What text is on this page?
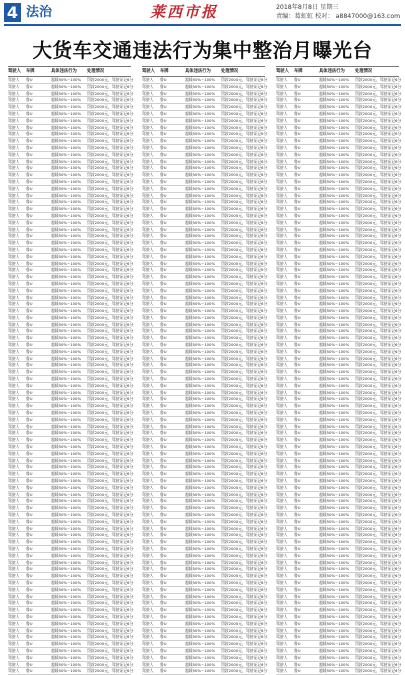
4 法治	莱西市报	2018年8月8日 星期三
责编：葛虹虹 校对： a8847000@163.com
大货车交通违法行为集中整治月曝光台
驾驶人	车牌	具体违法行为	处理情况
驾驶人	鲁U	超载50%~100%	罚款2000元，驾驶证记6分
驾驶人	鲁U	超载50%~100%	罚款2000元，驾驶证记6分
驾驶人	鲁U	超载50%~100%	罚款2000元，驾驶证记6分
驾驶人	鲁U	超载50%~100%	罚款2000元，驾驶证记6分
驾驶人	鲁U	超载50%~100%	罚款2000元，驾驶证记6分
驾驶人	鲁U	超载50%~100%	罚款2000元，驾驶证记6分
驾驶人	鲁U	超载50%~100%	罚款2000元，驾驶证记6分
驾驶人	鲁U	超载50%~100%	罚款2000元，驾驶证记6分
驾驶人	鲁U	超载50%~100%	罚款2000元，驾驶证记6分
驾驶人	鲁U	超载50%~100%	罚款2000元，驾驶证记6分
驾驶人	鲁U	超载50%~100%	罚款2000元，驾驶证记6分
驾驶人	鲁U	超载50%~100%	罚款2000元，驾驶证记6分
驾驶人	鲁U	超载50%~100%	罚款2000元，驾驶证记6分
驾驶人	鲁U	超载50%~100%	罚款2000元，驾驶证记6分
驾驶人	鲁U	超载50%~100%	罚款2000元，驾驶证记6分
驾驶人	鲁U	超载50%~100%	罚款2000元，驾驶证记6分
驾驶人	鲁U	超载50%~100%	罚款2000元，驾驶证记6分
驾驶人	鲁U	超载50%~100%	罚款2000元，驾驶证记6分
驾驶人	鲁U	超载50%~100%	罚款2000元，驾驶证记6分
驾驶人	鲁U	超载50%~100%	罚款2000元，驾驶证记6分
驾驶人	鲁U	超载50%~100%	罚款2000元，驾驶证记6分
驾驶人	鲁U	超载50%~100%	罚款2000元，驾驶证记6分
驾驶人	鲁U	超载50%~100%	罚款2000元，驾驶证记6分
驾驶人	鲁U	超载50%~100%	罚款2000元，驾驶证记6分
驾驶人	鲁U	超载50%~100%	罚款2000元，驾驶证记6分
驾驶人	鲁U	超载50%~100%	罚款2000元，驾驶证记6分
驾驶人	鲁U	超载50%~100%	罚款2000元，驾驶证记6分
驾驶人	鲁U	超载50%~100%	罚款2000元，驾驶证记6分
驾驶人	鲁U	超载50%~100%	罚款2000元，驾驶证记6分
驾驶人	鲁U	超载50%~100%	罚款2000元，驾驶证记6分
驾驶人	鲁U	超载50%~100%	罚款2000元，驾驶证记6分
驾驶人	鲁U	超载50%~100%	罚款2000元，驾驶证记6分
驾驶人	鲁U	超载50%~100%	罚款2000元，驾驶证记6分
驾驶人	鲁U	超载50%~100%	罚款2000元，驾驶证记6分
驾驶人	鲁U	超载50%~100%	罚款2000元，驾驶证记6分
驾驶人	鲁U	超载50%~100%	罚款2000元，驾驶证记6分
驾驶人	鲁U	超载50%~100%	罚款2000元，驾驶证记6分
驾驶人	鲁U	超载50%~100%	罚款2000元，驾驶证记6分
驾驶人	鲁U	超载50%~100%	罚款2000元，驾驶证记6分
驾驶人	鲁U	超载50%~100%	罚款2000元，驾驶证记6分
驾驶人	鲁U	超载50%~100%	罚款2000元，驾驶证记6分
驾驶人	鲁U	超载50%~100%	罚款2000元，驾驶证记6分
驾驶人	鲁U	超载50%~100%	罚款2000元，驾驶证记6分
驾驶人	鲁U	超载50%~100%	罚款2000元，驾驶证记6分
驾驶人	鲁U	超载50%~100%	罚款2000元，驾驶证记6分
驾驶人	鲁U	超载50%~100%	罚款2000元，驾驶证记6分
驾驶人	鲁U	超载50%~100%	罚款2000元，驾驶证记6分
驾驶人	鲁U	超载50%~100%	罚款2000元，驾驶证记6分
驾驶人	鲁U	超载50%~100%	罚款2000元，驾驶证记6分
驾驶人	鲁U	超载50%~100%	罚款2000元，驾驶证记6分
驾驶人	鲁U	超载50%~100%	罚款2000元，驾驶证记6分
驾驶人	鲁U	超载50%~100%	罚款2000元，驾驶证记6分
驾驶人	鲁U	超载50%~100%	罚款2000元，驾驶证记6分
驾驶人	鲁U	超载50%~100%	罚款2000元，驾驶证记6分
驾驶人	鲁U	超载50%~100%	罚款2000元，驾驶证记6分
驾驶人	鲁U	超载50%~100%	罚款2000元，驾驶证记6分
驾驶人	鲁U	超载50%~100%	罚款2000元，驾驶证记6分
驾驶人	鲁U	超载50%~100%	罚款2000元，驾驶证记6分
驾驶人	鲁U	超载50%~100%	罚款2000元，驾驶证记6分
驾驶人	鲁U	超载50%~100%	罚款2000元，驾驶证记6分
驾驶人	鲁U	超载50%~100%	罚款2000元，驾驶证记6分
驾驶人	鲁U	超载50%~100%	罚款2000元，驾驶证记6分
驾驶人	鲁U	超载50%~100%	罚款2000元，驾驶证记6分
驾驶人	鲁U	超载50%~100%	罚款2000元，驾驶证记6分
驾驶人	鲁U	超载50%~100%	罚款2000元，驾驶证记6分
驾驶人	鲁U	超载50%~100%	罚款2000元，驾驶证记6分
驾驶人	鲁U	超载50%~100%	罚款2000元，驾驶证记6分
驾驶人	鲁U	超载50%~100%	罚款2000元，驾驶证记6分
驾驶人	鲁U	超载50%~100%	罚款2000元，驾驶证记6分
驾驶人	鲁U	超载50%~100%	罚款2000元，驾驶证记6分
驾驶人	鲁U	超载50%~100%	罚款2000元，驾驶证记6分
驾驶人	鲁U	超载50%~100%	罚款2000元，驾驶证记6分
驾驶人	鲁U	超载50%~100%	罚款2000元，驾驶证记6分
驾驶人	鲁U	超载50%~100%	罚款2000元，驾驶证记6分
驾驶人	鲁U	超载50%~100%	罚款2000元，驾驶证记6分
驾驶人	鲁U	超载50%~100%	罚款2000元，驾驶证记6分
驾驶人	鲁U	超载50%~100%	罚款2000元，驾驶证记6分
驾驶人	鲁U	超载50%~100%	罚款2000元，驾驶证记6分
驾驶人	鲁U	超载50%~100%	罚款2000元，驾驶证记6分
驾驶人	鲁U	超载50%~100%	罚款2000元，驾驶证记6分
驾驶人	鲁U	超载50%~100%	罚款2000元，驾驶证记6分
驾驶人	鲁U	超载50%~100%	罚款2000元，驾驶证记6分
驾驶人	鲁U	超载50%~100%	罚款2000元，驾驶证记6分
驾驶人	鲁U	超载50%~100%	罚款2000元，驾驶证记6分
驾驶人	鲁U	超载50%~100%	罚款2000元，驾驶证记6分
驾驶人	鲁U	超载50%~100%	罚款2000元，驾驶证记6分
驾驶人	鲁U	超载50%~100%	罚款2000元，驾驶证记6分
驾驶人	鲁U	超载50%~100%	罚款2000元，驾驶证记6分
驾驶人	车牌	具体违法行为	处理情况
驾驶人	鲁U	超载50%~100%	罚款2000元，驾驶证记6分
驾驶人	鲁U	超载50%~100%	罚款2000元，驾驶证记6分
驾驶人	鲁U	超载50%~100%	罚款2000元，驾驶证记6分
驾驶人	鲁U	超载50%~100%	罚款2000元，驾驶证记6分
驾驶人	鲁U	超载50%~100%	罚款2000元，驾驶证记6分
驾驶人	鲁U	超载50%~100%	罚款2000元，驾驶证记6分
驾驶人	鲁U	超载50%~100%	罚款2000元，驾驶证记6分
驾驶人	鲁U	超载50%~100%	罚款2000元，驾驶证记6分
驾驶人	鲁U	超载50%~100%	罚款2000元，驾驶证记6分
驾驶人	鲁U	超载50%~100%	罚款2000元，驾驶证记6分
驾驶人	鲁U	超载50%~100%	罚款2000元，驾驶证记6分
驾驶人	鲁U	超载50%~100%	罚款2000元，驾驶证记6分
驾驶人	鲁U	超载50%~100%	罚款2000元，驾驶证记6分
驾驶人	鲁U	超载50%~100%	罚款2000元，驾驶证记6分
驾驶人	鲁U	超载50%~100%	罚款2000元，驾驶证记6分
驾驶人	鲁U	超载50%~100%	罚款2000元，驾驶证记6分
驾驶人	鲁U	超载50%~100%	罚款2000元，驾驶证记6分
驾驶人	鲁U	超载50%~100%	罚款2000元，驾驶证记6分
驾驶人	鲁U	超载50%~100%	罚款2000元，驾驶证记6分
驾驶人	鲁U	超载50%~100%	罚款2000元，驾驶证记6分
驾驶人	鲁U	超载50%~100%	罚款2000元，驾驶证记6分
驾驶人	鲁U	超载50%~100%	罚款2000元，驾驶证记6分
驾驶人	鲁U	超载50%~100%	罚款2000元，驾驶证记6分
驾驶人	鲁U	超载50%~100%	罚款2000元，驾驶证记6分
驾驶人	鲁U	超载50%~100%	罚款2000元，驾驶证记6分
驾驶人	鲁U	超载50%~100%	罚款2000元，驾驶证记6分
驾驶人	鲁U	超载50%~100%	罚款2000元，驾驶证记6分
驾驶人	鲁U	超载50%~100%	罚款2000元，驾驶证记6分
驾驶人	鲁U	超载50%~100%	罚款2000元，驾驶证记6分
驾驶人	鲁U	超载50%~100%	罚款2000元，驾驶证记6分
驾驶人	鲁U	超载50%~100%	罚款2000元，驾驶证记6分
驾驶人	鲁U	超载50%~100%	罚款2000元，驾驶证记6分
驾驶人	鲁U	超载50%~100%	罚款2000元，驾驶证记6分
驾驶人	鲁U	超载50%~100%	罚款2000元，驾驶证记6分
驾驶人	鲁U	超载50%~100%	罚款2000元，驾驶证记6分
驾驶人	鲁U	超载50%~100%	罚款2000元，驾驶证记6分
驾驶人	鲁U	超载50%~100%	罚款2000元，驾驶证记6分
驾驶人	鲁U	超载50%~100%	罚款2000元，驾驶证记6分
驾驶人	鲁U	超载50%~100%	罚款2000元，驾驶证记6分
驾驶人	鲁U	超载50%~100%	罚款2000元，驾驶证记6分
驾驶人	鲁U	超载50%~100%	罚款2000元，驾驶证记6分
驾驶人	鲁U	超载50%~100%	罚款2000元，驾驶证记6分
驾驶人	鲁U	超载50%~100%	罚款2000元，驾驶证记6分
驾驶人	鲁U	超载50%~100%	罚款2000元，驾驶证记6分
驾驶人	鲁U	超载50%~100%	罚款2000元，驾驶证记6分
驾驶人	鲁U	超载50%~100%	罚款2000元，驾驶证记6分
驾驶人	鲁U	超载50%~100%	罚款2000元，驾驶证记6分
驾驶人	鲁U	超载50%~100%	罚款2000元，驾驶证记6分
驾驶人	鲁U	超载50%~100%	罚款2000元，驾驶证记6分
驾驶人	鲁U	超载50%~100%	罚款2000元，驾驶证记6分
驾驶人	鲁U	超载50%~100%	罚款2000元，驾驶证记6分
驾驶人	鲁U	超载50%~100%	罚款2000元，驾驶证记6分
驾驶人	鲁U	超载50%~100%	罚款2000元，驾驶证记6分
驾驶人	鲁U	超载50%~100%	罚款2000元，驾驶证记6分
驾驶人	鲁U	超载50%~100%	罚款2000元，驾驶证记6分
驾驶人	鲁U	超载50%~100%	罚款2000元，驾驶证记6分
驾驶人	鲁U	超载50%~100%	罚款2000元，驾驶证记6分
驾驶人	鲁U	超载50%~100%	罚款2000元，驾驶证记6分
驾驶人	鲁U	超载50%~100%	罚款2000元，驾驶证记6分
驾驶人	鲁U	超载50%~100%	罚款2000元，驾驶证记6分
驾驶人	鲁U	超载50%~100%	罚款2000元，驾驶证记6分
驾驶人	鲁U	超载50%~100%	罚款2000元，驾驶证记6分
驾驶人	鲁U	超载50%~100%	罚款2000元，驾驶证记6分
驾驶人	鲁U	超载50%~100%	罚款2000元，驾驶证记6分
驾驶人	鲁U	超载50%~100%	罚款2000元，驾驶证记6分
驾驶人	鲁U	超载50%~100%	罚款2000元，驾驶证记6分
驾驶人	鲁U	超载50%~100%	罚款2000元，驾驶证记6分
驾驶人	鲁U	超载50%~100%	罚款2000元，驾驶证记6分
驾驶人	鲁U	超载50%~100%	罚款2000元，驾驶证记6分
驾驶人	鲁U	超载50%~100%	罚款2000元，驾驶证记6分
驾驶人	鲁U	超载50%~100%	罚款2000元，驾驶证记6分
驾驶人	鲁U	超载50%~100%	罚款2000元，驾驶证记6分
驾驶人	鲁U	超载50%~100%	罚款2000元，驾驶证记6分
驾驶人	鲁U	超载50%~100%	罚款2000元，驾驶证记6分
驾驶人	鲁U	超载50%~100%	罚款2000元，驾驶证记6分
驾驶人	鲁U	超载50%~100%	罚款2000元，驾驶证记6分
驾驶人	鲁U	超载50%~100%	罚款2000元，驾驶证记6分
驾驶人	鲁U	超载50%~100%	罚款2000元，驾驶证记6分
驾驶人	鲁U	超载50%~100%	罚款2000元，驾驶证记6分
驾驶人	鲁U	超载50%~100%	罚款2000元，驾驶证记6分
驾驶人	鲁U	超载50%~100%	罚款2000元，驾驶证记6分
驾驶人	鲁U	超载50%~100%	罚款2000元，驾驶证记6分
驾驶人	鲁U	超载50%~100%	罚款2000元，驾驶证记6分
驾驶人	鲁U	超载50%~100%	罚款2000元，驾驶证记6分
驾驶人	鲁U	超载50%~100%	罚款2000元，驾驶证记6分
驾驶人	鲁U	超载50%~100%	罚款2000元，驾驶证记6分
驾驶人	鲁U	超载50%~100%	罚款2000元，驾驶证记6分
驾驶人	鲁U	超载50%~100%	罚款2000元，驾驶证记6分
驾驶人	车牌	具体违法行为	处理情况
驾驶人	鲁U	超载50%~100%	罚款2000元，驾驶证记6分
驾驶人	鲁U	超载50%~100%	罚款2000元，驾驶证记6分
驾驶人	鲁U	超载50%~100%	罚款2000元，驾驶证记6分
驾驶人	鲁U	超载50%~100%	罚款2000元，驾驶证记6分
驾驶人	鲁U	超载50%~100%	罚款2000元，驾驶证记6分
驾驶人	鲁U	超载50%~100%	罚款2000元，驾驶证记6分
驾驶人	鲁U	超载50%~100%	罚款2000元，驾驶证记6分
驾驶人	鲁U	超载50%~100%	罚款2000元，驾驶证记6分
驾驶人	鲁U	超载50%~100%	罚款2000元，驾驶证记6分
驾驶人	鲁U	超载50%~100%	罚款2000元，驾驶证记6分
驾驶人	鲁U	超载50%~100%	罚款2000元，驾驶证记6分
驾驶人	鲁U	超载50%~100%	罚款2000元，驾驶证记6分
驾驶人	鲁U	超载50%~100%	罚款2000元，驾驶证记6分
驾驶人	鲁U	超载50%~100%	罚款2000元，驾驶证记6分
驾驶人	鲁U	超载50%~100%	罚款2000元，驾驶证记6分
驾驶人	鲁U	超载50%~100%	罚款2000元，驾驶证记6分
驾驶人	鲁U	超载50%~100%	罚款2000元，驾驶证记6分
驾驶人	鲁U	超载50%~100%	罚款2000元，驾驶证记6分
驾驶人	鲁U	超载50%~100%	罚款2000元，驾驶证记6分
驾驶人	鲁U	超载50%~100%	罚款2000元，驾驶证记6分
驾驶人	鲁U	超载50%~100%	罚款2000元，驾驶证记6分
驾驶人	鲁U	超载50%~100%	罚款2000元，驾驶证记6分
驾驶人	鲁U	超载50%~100%	罚款2000元，驾驶证记6分
驾驶人	鲁U	超载50%~100%	罚款2000元，驾驶证记6分
驾驶人	鲁U	超载50%~100%	罚款2000元，驾驶证记6分
驾驶人	鲁U	超载50%~100%	罚款2000元，驾驶证记6分
驾驶人	鲁U	超载50%~100%	罚款2000元，驾驶证记6分
驾驶人	鲁U	超载50%~100%	罚款2000元，驾驶证记6分
驾驶人	鲁U	超载50%~100%	罚款2000元，驾驶证记6分
驾驶人	鲁U	超载50%~100%	罚款2000元，驾驶证记6分
驾驶人	鲁U	超载50%~100%	罚款2000元，驾驶证记6分
驾驶人	鲁U	超载50%~100%	罚款2000元，驾驶证记6分
驾驶人	鲁U	超载50%~100%	罚款2000元，驾驶证记6分
驾驶人	鲁U	超载50%~100%	罚款2000元，驾驶证记6分
驾驶人	鲁U	超载50%~100%	罚款2000元，驾驶证记6分
驾驶人	鲁U	超载50%~100%	罚款2000元，驾驶证记6分
驾驶人	鲁U	超载50%~100%	罚款2000元，驾驶证记6分
驾驶人	鲁U	超载50%~100%	罚款2000元，驾驶证记6分
驾驶人	鲁U	超载50%~100%	罚款2000元，驾驶证记6分
驾驶人	鲁U	超载50%~100%	罚款2000元，驾驶证记6分
驾驶人	鲁U	超载50%~100%	罚款2000元，驾驶证记6分
驾驶人	鲁U	超载50%~100%	罚款2000元，驾驶证记6分
驾驶人	鲁U	超载50%~100%	罚款2000元，驾驶证记6分
驾驶人	鲁U	超载50%~100%	罚款2000元，驾驶证记6分
驾驶人	鲁U	超载50%~100%	罚款2000元，驾驶证记6分
驾驶人	鲁U	超载50%~100%	罚款2000元，驾驶证记6分
驾驶人	鲁U	超载50%~100%	罚款2000元，驾驶证记6分
驾驶人	鲁U	超载50%~100%	罚款2000元，驾驶证记6分
驾驶人	鲁U	超载50%~100%	罚款2000元，驾驶证记6分
驾驶人	鲁U	超载50%~100%	罚款2000元，驾驶证记6分
驾驶人	鲁U	超载50%~100%	罚款2000元，驾驶证记6分
驾驶人	鲁U	超载50%~100%	罚款2000元，驾驶证记6分
驾驶人	鲁U	超载50%~100%	罚款2000元，驾驶证记6分
驾驶人	鲁U	超载50%~100%	罚款2000元，驾驶证记6分
驾驶人	鲁U	超载50%~100%	罚款2000元，驾驶证记6分
驾驶人	鲁U	超载50%~100%	罚款2000元，驾驶证记6分
驾驶人	鲁U	超载50%~100%	罚款2000元，驾驶证记6分
驾驶人	鲁U	超载50%~100%	罚款2000元，驾驶证记6分
驾驶人	鲁U	超载50%~100%	罚款2000元，驾驶证记6分
驾驶人	鲁U	超载50%~100%	罚款2000元，驾驶证记6分
驾驶人	鲁U	超载50%~100%	罚款2000元，驾驶证记6分
驾驶人	鲁U	超载50%~100%	罚款2000元，驾驶证记6分
驾驶人	鲁U	超载50%~100%	罚款2000元，驾驶证记6分
驾驶人	鲁U	超载50%~100%	罚款2000元，驾驶证记6分
驾驶人	鲁U	超载50%~100%	罚款2000元，驾驶证记6分
驾驶人	鲁U	超载50%~100%	罚款2000元，驾驶证记6分
驾驶人	鲁U	超载50%~100%	罚款2000元，驾驶证记6分
驾驶人	鲁U	超载50%~100%	罚款2000元，驾驶证记6分
驾驶人	鲁U	超载50%~100%	罚款2000元，驾驶证记6分
驾驶人	鲁U	超载50%~100%	罚款2000元，驾驶证记6分
驾驶人	鲁U	超载50%~100%	罚款2000元，驾驶证记6分
驾驶人	鲁U	超载50%~100%	罚款2000元，驾驶证记6分
驾驶人	鲁U	超载50%~100%	罚款2000元，驾驶证记6分
驾驶人	鲁U	超载50%~100%	罚款2000元，驾驶证记6分
驾驶人	鲁U	超载50%~100%	罚款2000元，驾驶证记6分
驾驶人	鲁U	超载50%~100%	罚款2000元，驾驶证记6分
驾驶人	鲁U	超载50%~100%	罚款2000元，驾驶证记6分
驾驶人	鲁U	超载50%~100%	罚款2000元，驾驶证记6分
驾驶人	鲁U	超载50%~100%	罚款2000元，驾驶证记6分
驾驶人	鲁U	超载50%~100%	罚款2000元，驾驶证记6分
驾驶人	鲁U	超载50%~100%	罚款2000元，驾驶证记6分
驾驶人	鲁U	超载50%~100%	罚款2000元，驾驶证记6分
驾驶人	鲁U	超载50%~100%	罚款2000元，驾驶证记6分
驾驶人	鲁U	超载50%~100%	罚款2000元，驾驶证记6分
驾驶人	鲁U	超载50%~100%	罚款2000元，驾驶证记6分
驾驶人	鲁U	超载50%~100%	罚款2000元，驾驶证记6分
驾驶人	鲁U	超载50%~100%	罚款2000元，驾驶证记6分
驾驶人	鲁U	超载50%~100%	罚款2000元，驾驶证记6分
